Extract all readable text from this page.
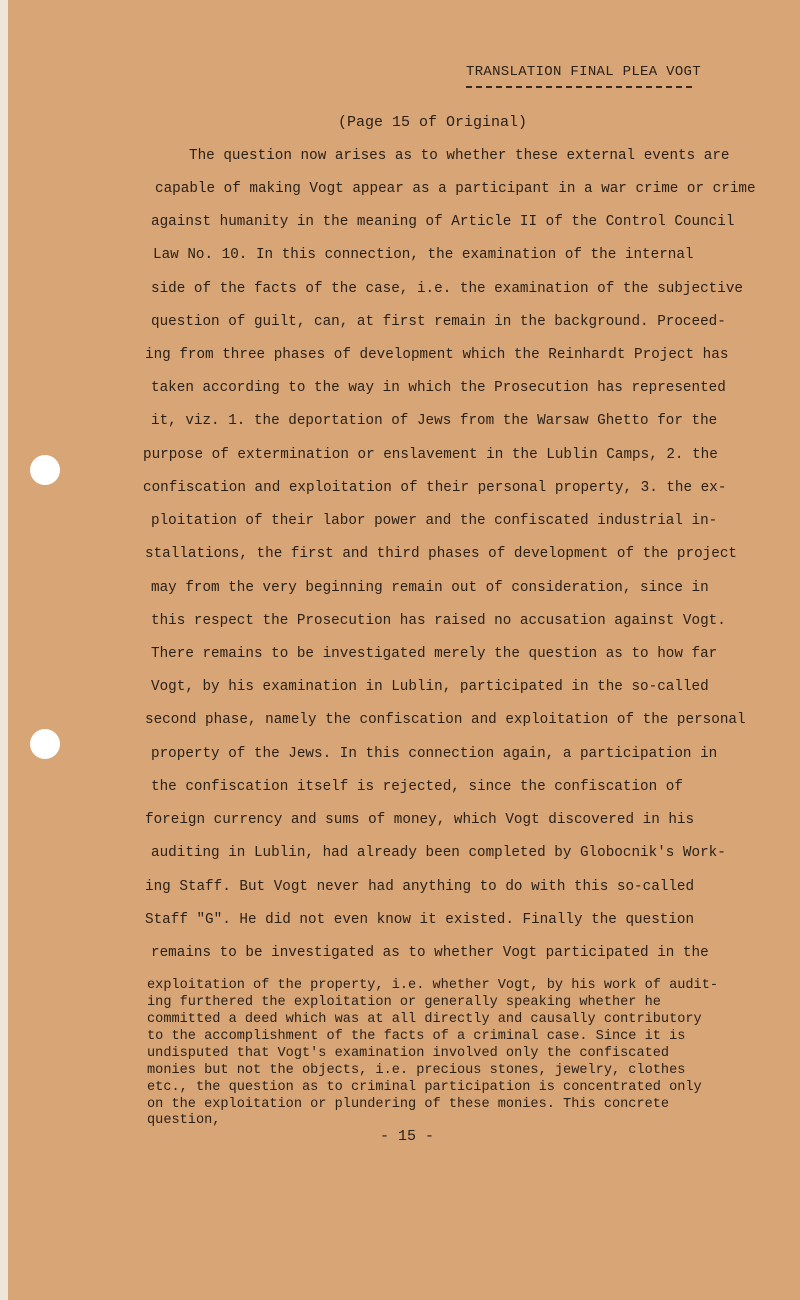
TRANSLATION FINAL PLEA VOGT
(Page 15 of Original)
The question now arises as to whether these external events are
capable of making Vogt appear as a participant in a war crime or crime
against humanity in the meaning of Article II of the Control Council
Law No. 10. In this connection, the examination of the internal
side of the facts of the case, i.e. the examination of the subjective
question of guilt, can, at first remain in the background. Proceed-
ing from three phases of development which the Reinhardt Project has
taken according to the way in which the Prosecution has represented
it, viz. 1. the deportation of Jews from the Warsaw Ghetto for the
purpose of extermination or enslavement in the Lublin Camps, 2. the
confiscation and exploitation of their personal property, 3. the ex-
ploitation of their labor power and the confiscated industrial in-
stallations, the first and third phases of development of the project
may from the very beginning remain out of consideration, since in
this respect the Prosecution has raised no accusation against Vogt.
There remains to be investigated merely the question as to how far
Vogt, by his examination in Lublin, participated in the so-called
second phase, namely the confiscation and exploitation of the personal
property of the Jews. In this connection again, a participation in
the confiscation itself is rejected, since the confiscation of
foreign currency and sums of money, which Vogt discovered in his
auditing in Lublin, had already been completed by Globocnik's Work-
ing Staff. But Vogt never had anything to do with this so-called
Staff "G". He did not even know it existed. Finally the question
remains to be investigated as to whether Vogt participated in the
exploitation of the property, i.e. whether Vogt, by his work of audit-
ing furthered the exploitation or generally speaking whether he
committed a deed which was at all directly and causally contributory
to the accomplishment of the facts of a criminal case. Since it is
undisputed that Vogt's examination involved only the confiscated
monies but not the objects, i.e. precious stones, jewelry, clothes
etc., the question as to criminal participation is concentrated only
on the exploitation or plundering of these monies. This concrete
question,
- 15 -
